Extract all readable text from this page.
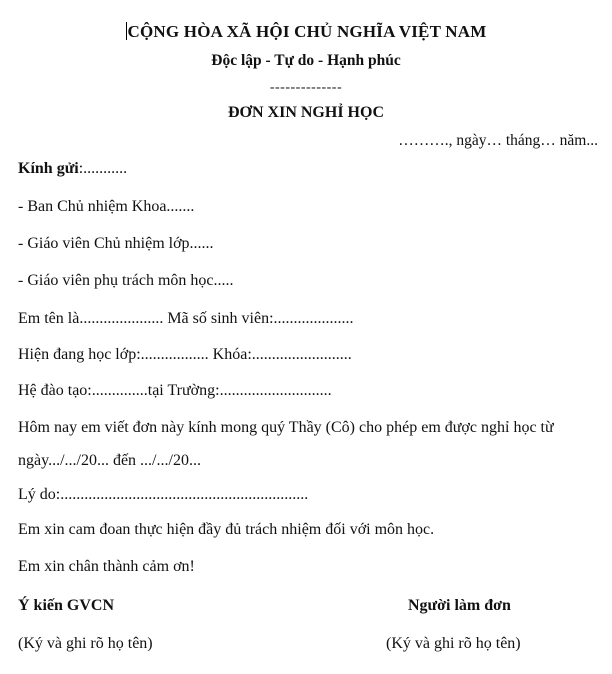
CỘNG HÒA XÃ HỘI CHỦ NGHĨA VIỆT NAM
Độc lập - Tự do - Hạnh phúc
--------------
ĐƠN XIN NGHỈ HỌC
………., ngày… tháng… năm...
Kính gửi:...........
- Ban Chủ nhiệm Khoa.......
- Giáo viên Chủ nhiệm lớp......
- Giáo viên phụ trách môn học.....
Em tên là..................... Mã số sinh viên:....................
Hiện đang học lớp:................. Khóa:.........................
Hệ đào tạo:..............tại Trường:............................
Hôm nay em viết đơn này kính mong quý Thầy (Cô) cho phép em được nghỉ học từ
ngày.../.../20... đến .../.../20...
Lý do:..............................................................
Em xin cam đoan thực hiện đầy đủ trách nhiệm đối với môn học.
Em xin chân thành cảm ơn!
Ý kiến GVCN
(Ký và ghi rõ họ tên)
Người làm đơn
(Ký và ghi rõ họ tên)
